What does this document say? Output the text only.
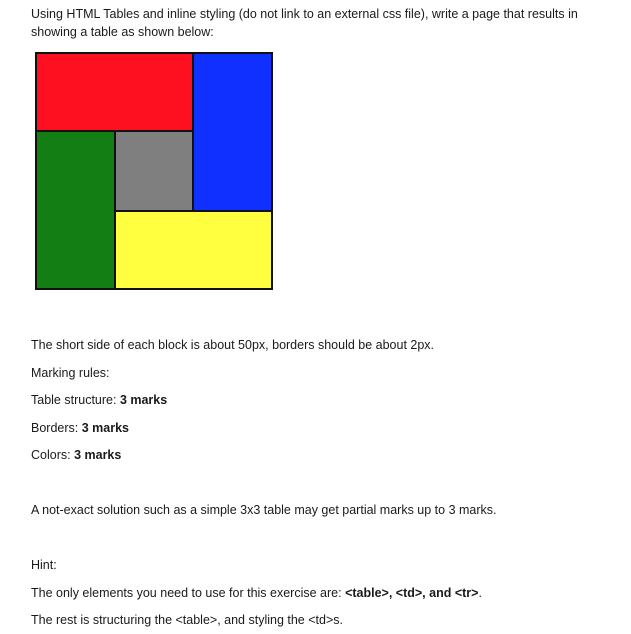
Using HTML Tables and inline styling (do not link to an external css file), write a page that results in showing a table as shown below:
The short side of each block is about 50px, borders should be about 2px.
Marking rules:
Table structure: 3 marks
Borders: 3 marks
Colors: 3 marks
A not-exact solution such as a simple 3x3 table may get partial marks up to 3 marks.
Hint:
The only elements you need to use for this exercise are: <table>, <td>, and <tr>.
The rest is structuring the <table>, and styling the <td>s.
